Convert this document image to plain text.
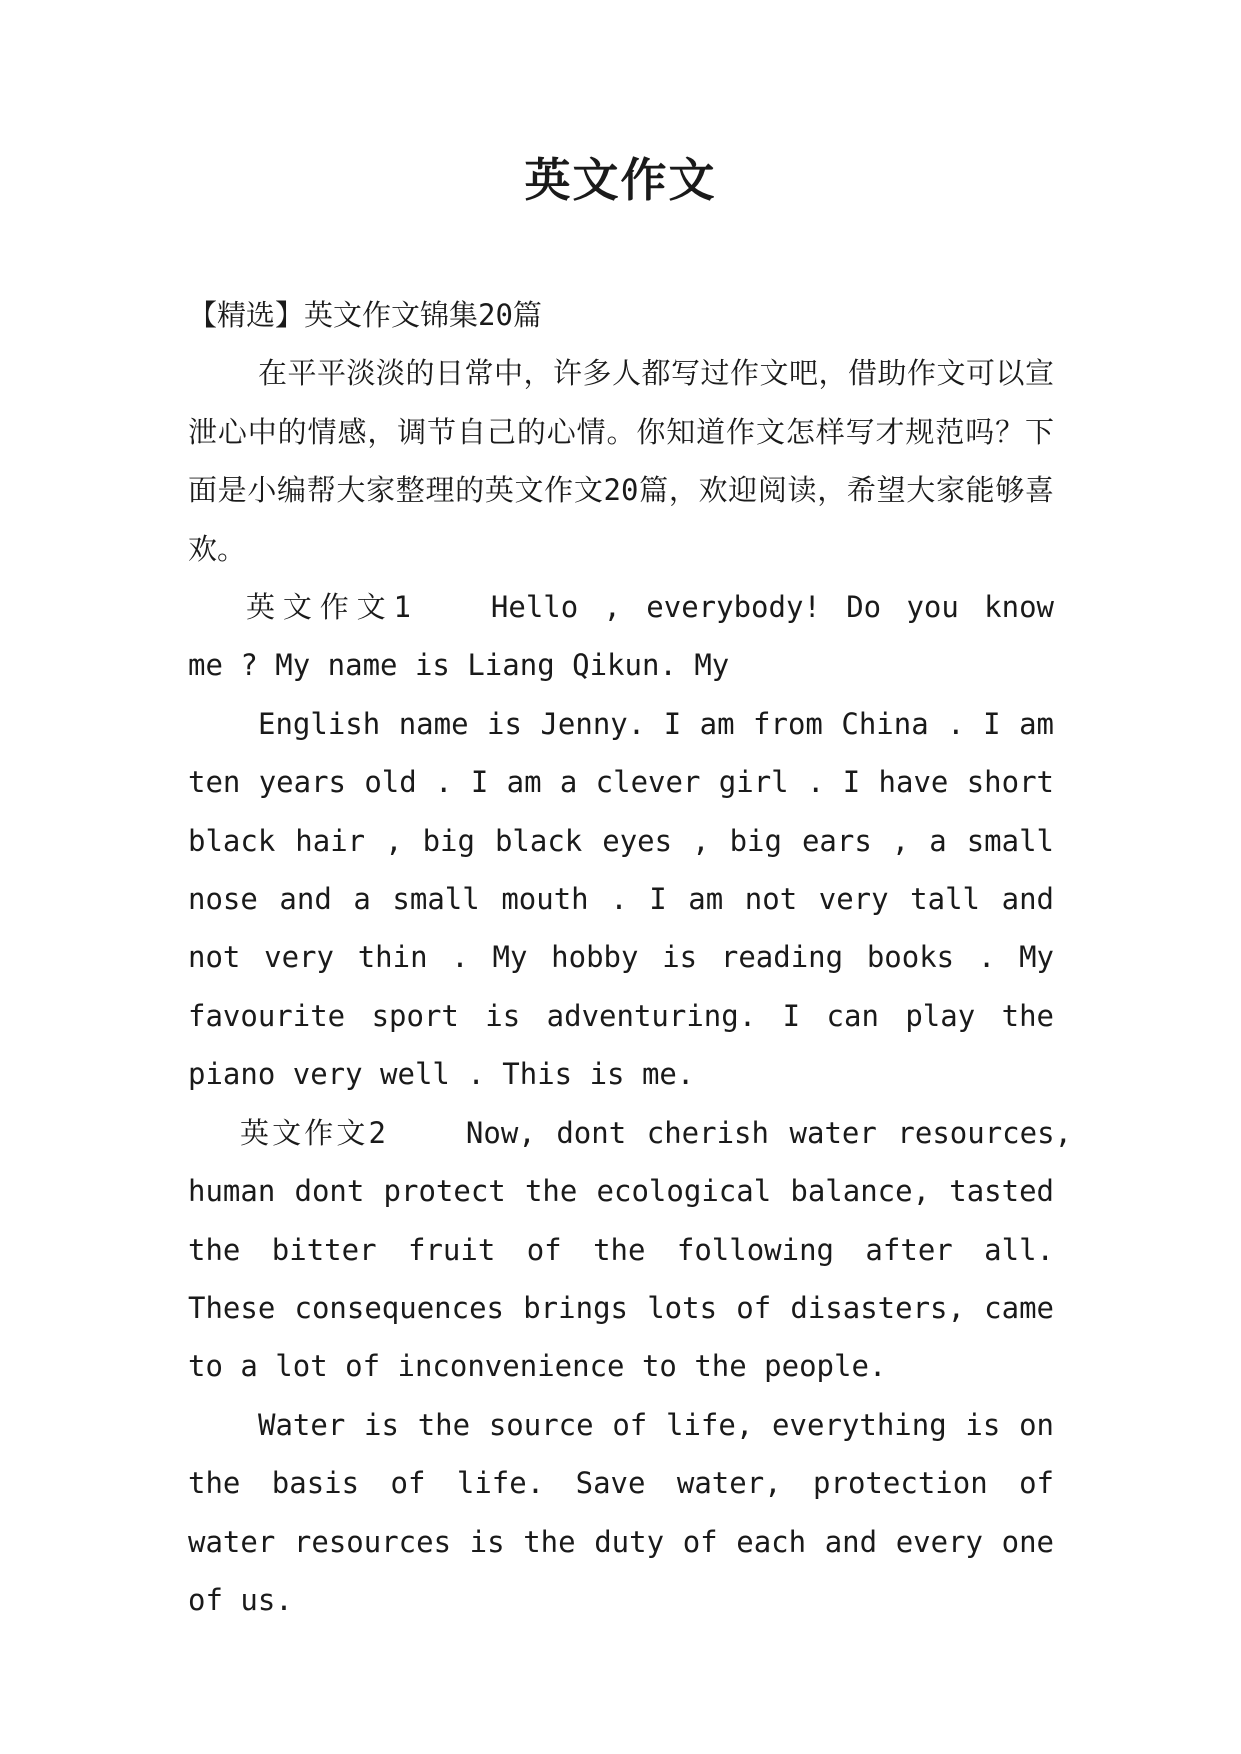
英文作文

【精选】英文作文锦集20篇

在平平淡淡的日常中，许多人都写过作文吧，借助作文可以宣泄心中的情感，调节自己的心情。你知道作文怎样写才规范吗？下面是小编帮大家整理的英文作文20篇，欢迎阅读，希望大家能够喜欢。

英文作文1	Hello , everybody! Do you know

me ? My name is Liang Qikun. My

English name is Jenny. I am from China . I am ten years old . I am a clever girl . I have short black hair , big black eyes , big ears , a small nose and a small mouth . I am not very tall and not very thin . My hobby is reading books . My favourite sport is adventuring. I can play the piano very well . This is me.

英文作文2	Now, dont cherish water resources,

human dont protect the ecological balance, tasted the bitter fruit of the following after all. These consequences brings lots of disasters, came to a lot of inconvenience to the people.

Water is the source of life, everything is on the basis of life. Save water, protection of water resources is the duty of each and every one of us.
